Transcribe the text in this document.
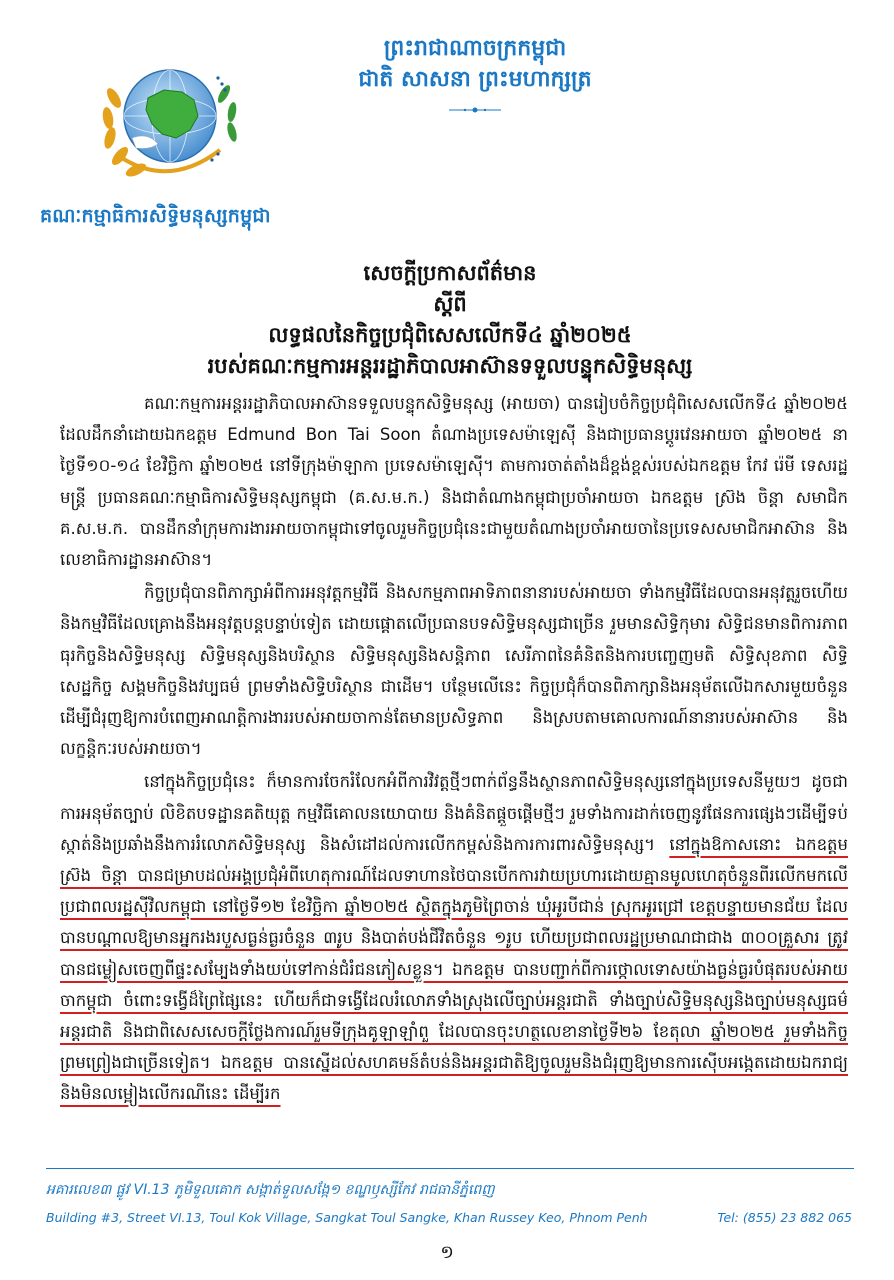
គណៈកម្មាធិការសិទ្ធិមនុស្សកម្ពុជា
ព្រះរាជាណាចក្រកម្ពុជា
ជាតិ សាសនា ព្រះមហាក្សត្រ
សេចក្តីប្រកាសព័ត៌មាន
ស្តីពី
លទ្ធផលនៃកិច្ចប្រជុំពិសេសលើកទី៤ ឆ្នាំ២០២៥
របស់គណៈកម្មការអន្តររដ្ឋាភិបាលអាស៊ានទទួលបន្ទុកសិទ្ធិមនុស្ស

គណៈកម្មការអន្តររដ្ឋាភិបាលអាស៊ានទទួលបន្ទុកសិទ្ធិមនុស្ស (អាយចា) បានរៀបចំកិច្ចប្រជុំពិសេសលើកទី៤ ឆ្នាំ២០២៥ ដែលដឹកនាំដោយឯកឧត្តម Edmund Bon Tai Soon តំណាងប្រទេសម៉ាឡេស៊ី និងជាប្រធានប្តូរវេនអាយចា ឆ្នាំ២០២៥ នាថ្ងៃទី១០-១៤ ខែវិច្ឆិកា ឆ្នាំ២០២៥ នៅទីក្រុងម៉ាឡាកា ប្រទេសម៉ាឡេស៊ី។ តាមការចាត់តាំងដ៏ខ្ពង់ខ្ពស់របស់ឯកឧត្តម កែវ រ៉េមី ទេសរដ្ឋមន្ត្រី ប្រធានគណៈកម្មាធិការសិទ្ធិមនុស្សកម្ពុជា (គ.ស.ម.ក.) និងជាតំណាងកម្ពុជាប្រចាំអាយចា ឯកឧត្តម ស្រ៊ង ចិន្តា សមាជិក គ.ស.ម.ក. បានដឹកនាំក្រុមការងារអាយចាកម្ពុជាទៅចូលរួមកិច្ចប្រជុំនេះជាមួយតំណាងប្រចាំអាយចានៃប្រទេសសមាជិកអាស៊ាន និងលេខាធិការដ្ឋានអាស៊ាន។

កិច្ចប្រជុំបានពិភាក្សាអំពីការអនុវត្តកម្មវិធី និងសកម្មភាពអាទិភាពនានារបស់អាយចា ទាំងកម្មវិធីដែលបានអនុវត្តរួចហើយ និងកម្មវិធីដែលគ្រោងនឹងអនុវត្តបន្តបន្ទាប់ទៀត ដោយផ្តោតលើប្រធានបទសិទ្ធិមនុស្សជាច្រើន រួមមានសិទ្ធិកុមារ សិទ្ធិជនមានពិការភាព ធុរកិច្ចនិងសិទ្ធិមនុស្ស សិទ្ធិមនុស្សនិងបរិស្ថាន សិទ្ធិមនុស្សនិងសន្តិភាព សេរីភាពនៃគំនិតនិងការបញ្ចេញមតិ សិទ្ធិសុខភាព សិទ្ធិសេដ្ឋកិច្ច សង្គមកិច្ចនិងវប្បធម៌ ព្រមទាំងសិទ្ធិបរិស្ថាន ជាដើម។ បន្ថែមលើនេះ កិច្ចប្រជុំក៏បានពិភាក្សានិងអនុម័តលើឯកសារមួយចំនួន ដើម្បីជំរុញឱ្យការបំពេញអាណត្តិការងាររបស់អាយចាកាន់តែមានប្រសិទ្ធភាព និងស្របតាមគោលការណ៍នានារបស់អាស៊ាន និងលក្ខន្តិកៈរបស់អាយចា។

នៅក្នុងកិច្ចប្រជុំនេះ ក៏មានការចែករំលែកអំពីការវិវត្តថ្មីៗពាក់ព័ន្ធនឹងស្ថានភាពសិទ្ធិមនុស្សនៅក្នុងប្រទេសនីមួយៗ ដូចជាការអនុម័តច្បាប់ លិខិតបទដ្ឋានគតិយុត្ត កម្មវិធីគោលនយោបាយ និងគំនិតផ្តួចផ្តើមថ្មីៗ រួមទាំងការដាក់ចេញនូវផែនការផ្សេងៗដើម្បីទប់ស្កាត់និងប្រឆាំងនឹងការរំលោភសិទ្ធិមនុស្ស និងសំដៅដល់ការលើកកម្ពស់និងការការពារសិទ្ធិមនុស្ស។ នៅក្នុងឱកាសនោះ ឯកឧត្តម ស្រ៊ង ចិន្តា បានជម្រាបដល់អង្គប្រជុំអំពីហេតុការណ៍ដែលទាហានថៃបានបើកការវាយប្រហារដោយគ្មានមូលហេតុចំនួនពីរលើកមកលើប្រជាពលរដ្ឋស៊ីវិលកម្ពុជា នៅថ្ងៃទី១២ ខែវិច្ឆិកា ឆ្នាំ២០២៥ ស្ថិតក្នុងភូមិព្រៃចាន់ ឃុំអូរបីជាន់ ស្រុកអូរជ្រៅ ខេត្តបន្ទាយមានជ័យ ដែលបានបណ្តាលឱ្យមានអ្នករងរបួសធ្ងន់ធ្ងរចំនួន ៣រូប និងបាត់បង់ជីវិតចំនួន ១រូប ហើយប្រជាពលរដ្ឋប្រមាណជាជាង ៣០០គ្រួសារ ត្រូវបានជម្លៀសចេញពីផ្ទះសម្បែងទាំងយប់ទៅកាន់ជំរំជនភៀសខ្លួន។ ឯកឧត្តម បានបញ្ជាក់ពីការថ្កោលទោសយ៉ាងធ្ងន់ធ្ងរបំផុតរបស់អាយចាកម្ពុជា ចំពោះទង្វើដ៏ព្រៃផ្សៃនេះ ហើយក៏ជាទង្វើដែលរំលោភទាំងស្រុងលើច្បាប់អន្តរជាតិ ទាំងច្បាប់សិទ្ធិមនុស្សនិងច្បាប់មនុស្សធម៌អន្តរជាតិ និងជាពិសេសសេចក្តីថ្លែងការណ៍រួមទីក្រុងគូឡាឡាំពួ ដែលបានចុះហត្ថលេខានាថ្ងៃទី២៦ ខែតុលា ឆ្នាំ២០២៥ រួមទាំងកិច្ចព្រមព្រៀងជាច្រើនទៀត។ ឯកឧត្តម បានស្នើដល់សហគមន៍តំបន់និងអន្តរជាតិឱ្យចូលរួមនិងជំរុញឱ្យមានការស៊ើបអង្កេតដោយឯករាជ្យនិងមិនលម្អៀងលើករណីនេះ ដើម្បីរក

អគារលេខ៣ ផ្លូវ VI.13 ភូមិទួលគោក សង្កាត់ទួលសង្កែ១ ខណ្ឌឫស្សីកែវ រាជធានីភ្នំពេញ
Building #3, Street VI.13, Toul Kok Village, Sangkat Toul Sangke, Khan Russey Keo, Phnom Penh	Tel: (855) 23 882 065
១
